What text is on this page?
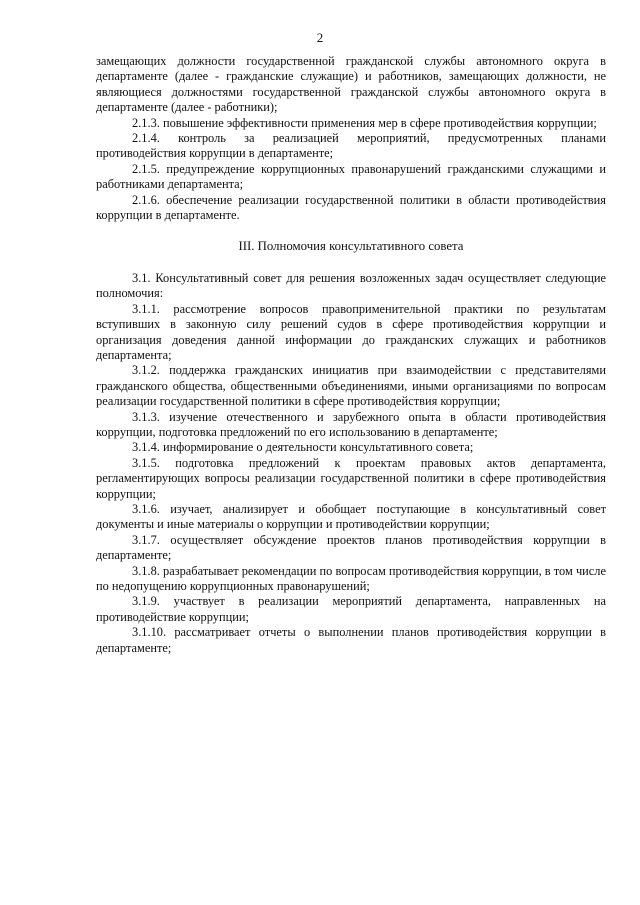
2

замещающих должности государственной гражданской службы автономного округа в департаменте (далее - гражданские служащие) и работников, замещающих должности, не являющиеся должностями государственной гражданской службы автономного округа в департаменте (далее - работники);

2.1.3. повышение эффективности применения мер в сфере противодействия коррупции;

2.1.4. контроль за реализацией мероприятий, предусмотренных планами противодействия коррупции в департаменте;

2.1.5. предупреждение коррупционных правонарушений гражданскими служащими и работниками департамента;

2.1.6. обеспечение реализации государственной политики в области противодействия коррупции в департаменте.

III. Полномочия консультативного совета

3.1. Консультативный совет для решения возложенных задач осуществляет следующие полномочия:

3.1.1. рассмотрение вопросов правоприменительной практики по результатам вступивших в законную силу решений судов в сфере противодействия коррупции и организация доведения данной информации до гражданских служащих и работников департамента;

3.1.2. поддержка гражданских инициатив при взаимодействии с представителями гражданского общества, общественными объединениями, иными организациями по вопросам реализации государственной политики в сфере противодействия коррупции;

3.1.3. изучение отечественного и зарубежного опыта в области противодействия коррупции, подготовка предложений по его использованию в департаменте;

3.1.4. информирование о деятельности консультативного совета;

3.1.5. подготовка предложений к проектам правовых актов департамента, регламентирующих вопросы реализации государственной политики в сфере противодействия коррупции;

3.1.6. изучает, анализирует и обобщает поступающие в консультативный совет документы и иные материалы о коррупции и противодействии коррупции;

3.1.7. осуществляет обсуждение проектов планов противодействия коррупции в департаменте;

3.1.8. разрабатывает рекомендации по вопросам противодействия коррупции, в том числе по недопущению коррупционных правонарушений;

3.1.9. участвует в реализации мероприятий департамента, направленных на противодействие коррупции;

3.1.10. рассматривает отчеты о выполнении планов противодействия коррупции в департаменте;
